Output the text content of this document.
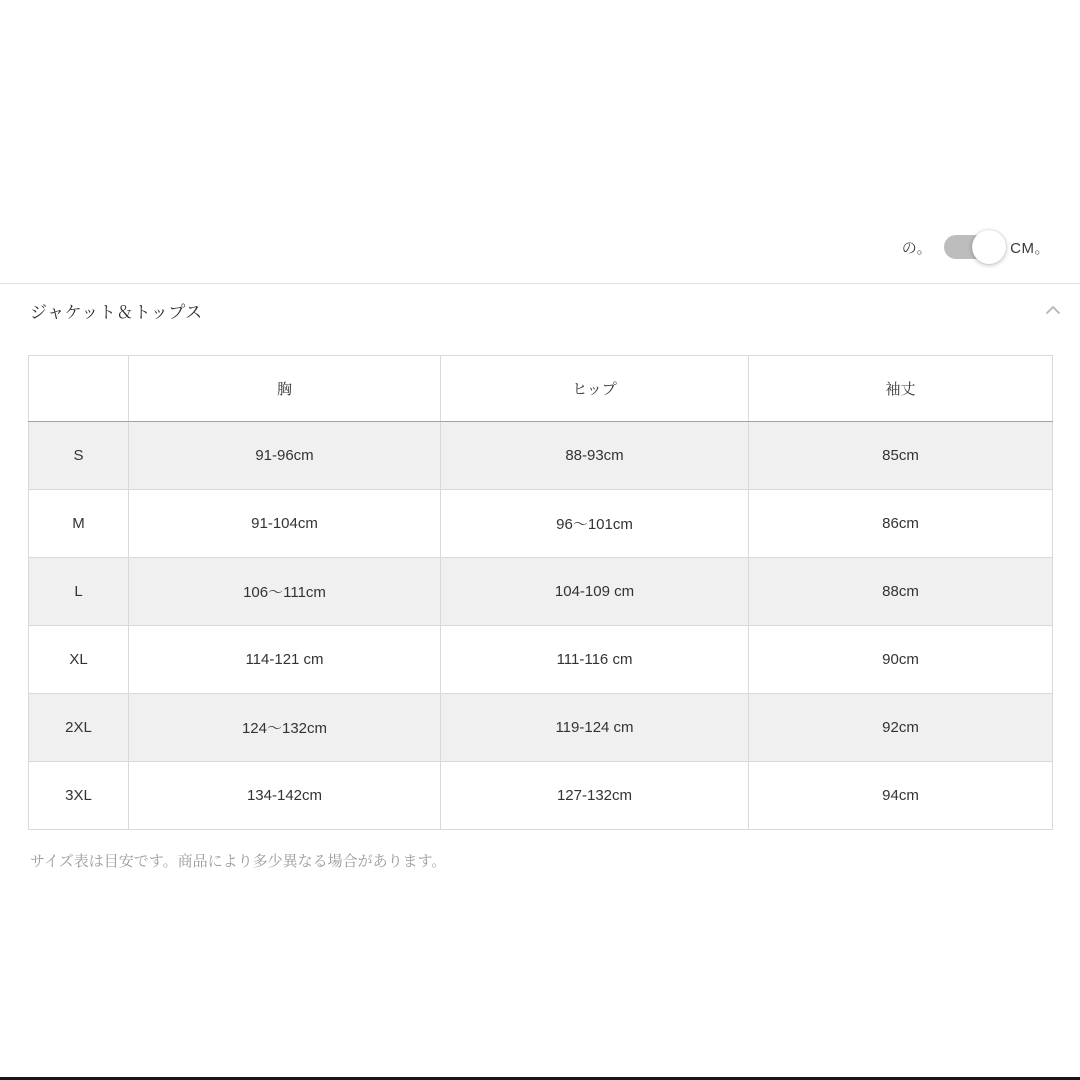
の。	CM。
ジャケット＆トップス
	胸	ヒップ	袖丈
S	91-96cm	88-93cm	85cm
M	91-104cm	96～101cm	86cm
L	106～111cm	104-109 cm	88cm
XL	114-121 cm	111-116 cm	90cm
2XL	124～132cm	119-124 cm	92cm
3XL	134-142cm	127-132cm	94cm
サイズ表は目安です。商品により多少異なる場合があります。
